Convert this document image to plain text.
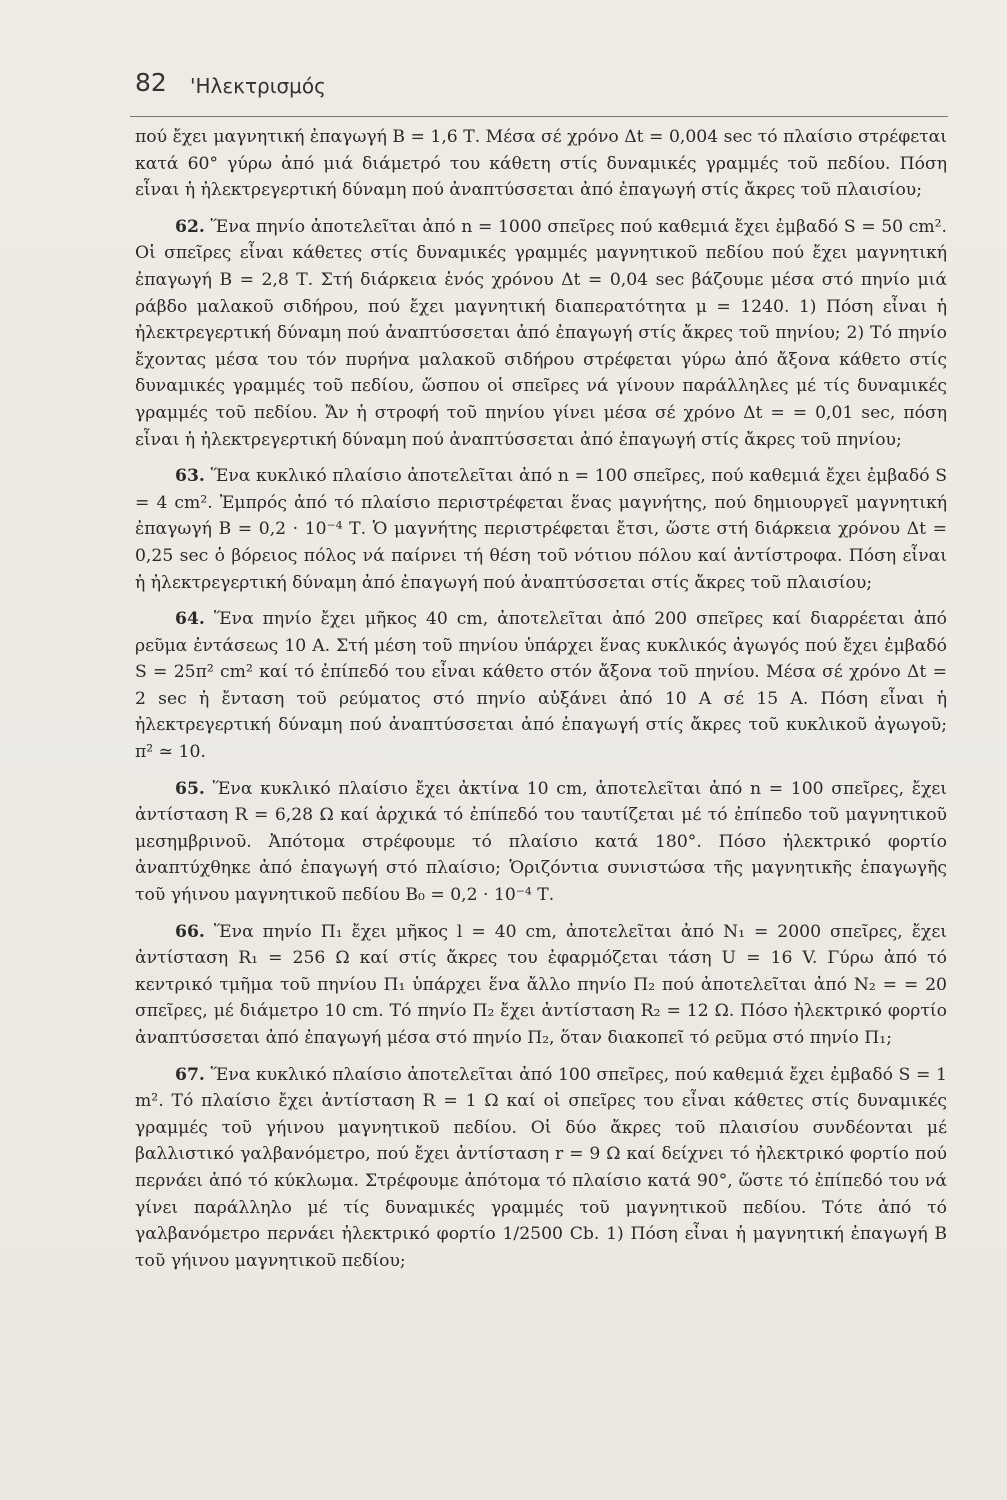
82 'Ηλεκτρισμός

πού ἔχει μαγνητική ἐπαγωγή Β = 1,6 Τ. Μέσα σέ χρόνο Δt = 0,004 sec τό πλαίσιο στρέφεται κατά 60° γύρω ἀπό μιά διάμετρό του κάθετη στίς δυναμικές γραμμές τοῦ πεδίου. Πόση εἶναι ἡ ἠλεκτρεγερτική δύναμη πού ἀναπτύσσεται ἀπό ἐπαγωγή στίς ἄκρες τοῦ πλαισίου;

62. Ἕνα πηνίο ἀποτελεῖται ἀπό n = 1000 σπεῖρες πού καθεμιά ἔχει ἐμβαδό S = 50 cm². Οἱ σπεῖρες εἶναι κάθετες στίς δυναμικές γραμμές μαγνητικοῦ πεδίου πού ἔχει μαγνητική ἐπαγωγή Β = 2,8 Τ. Στή διάρκεια ἑνός χρόνου Δt = 0,04 sec βάζουμε μέσα στό πηνίο μιά ράβδο μαλακοῦ σιδήρου, πού ἔχει μαγνητική διαπερατότητα μ = 1240. 1) Πόση εἶναι ἡ ἠλεκτρεγερτική δύναμη πού ἀναπτύσσεται ἀπό ἐπαγωγή στίς ἄκρες τοῦ πηνίου; 2) Τό πηνίο ἔχοντας μέσα του τόν πυρήνα μαλακοῦ σιδήρου στρέφεται γύρω ἀπό ἄξονα κάθετο στίς δυναμικές γραμμές τοῦ πεδίου, ὥσπου οἱ σπεῖρες νά γίνουν παράλληλες μέ τίς δυναμικές γραμμές τοῦ πεδίου. Ἄν ἡ στροφή τοῦ πηνίου γίνει μέσα σέ χρόνο Δt = = 0,01 sec, πόση εἶναι ἡ ἠλεκτρεγερτική δύναμη πού ἀναπτύσσεται ἀπό ἐπαγωγή στίς ἄκρες τοῦ πηνίου;

63. Ἕνα κυκλικό πλαίσιο ἀποτελεῖται ἀπό n = 100 σπεῖρες, πού καθεμιά ἔχει ἐμβαδό S = 4 cm². Ἐμπρός ἀπό τό πλαίσιο περιστρέφεται ἕνας μαγνήτης, πού δημιουργεῖ μαγνητική ἐπαγωγή Β = 0,2 · 10⁻⁴ Τ. Ὁ μαγνήτης περιστρέφεται ἔτσι, ὥστε στή διάρκεια χρόνου Δt = 0,25 sec ὁ βόρειος πόλος νά παίρνει τή θέση τοῦ νότιου πόλου καί ἀντίστροφα. Πόση εἶναι ἡ ἠλεκτρεγερτική δύναμη ἀπό ἐπαγωγή πού ἀναπτύσσεται στίς ἄκρες τοῦ πλαισίου;

64. Ἕνα πηνίο ἔχει μῆκος 40 cm, ἀποτελεῖται ἀπό 200 σπεῖρες καί διαρρέεται ἀπό ρεῦμα ἐντάσεως 10 Α. Στή μέση τοῦ πηνίου ὑπάρχει ἕνας κυκλικός ἀγωγός πού ἔχει ἐμβαδό S = 25π² cm² καί τό ἐπίπεδό του εἶναι κάθετο στόν ἄξονα τοῦ πηνίου. Μέσα σέ χρόνο Δt = 2 sec ἡ ἔνταση τοῦ ρεύματος στό πηνίο αὐξάνει ἀπό 10 Α σέ 15 Α. Πόση εἶναι ἡ ἠλεκτρεγερτική δύναμη πού ἀναπτύσσεται ἀπό ἐπαγωγή στίς ἄκρες τοῦ κυκλικοῦ ἀγωγοῦ; π² ≃ 10.

65. Ἕνα κυκλικό πλαίσιο ἔχει ἀκτίνα 10 cm, ἀποτελεῖται ἀπό n = 100 σπεῖρες, ἔχει ἀντίσταση R = 6,28 Ω καί ἀρχικά τό ἐπίπεδό του ταυτίζεται μέ τό ἐπίπεδο τοῦ μαγνητικοῦ μεσημβρινοῦ. Ἀπότομα στρέφουμε τό πλαίσιο κατά 180°. Πόσο ἠλεκτρικό φορτίο ἀναπτύχθηκε ἀπό ἐπαγωγή στό πλαίσιο; Ὁριζόντια συνιστώσα τῆς μαγνητικῆς ἐπαγωγῆς τοῦ γήινου μαγνητικοῦ πεδίου B₀ = 0,2 · 10⁻⁴ Τ.

66. Ἕνα πηνίο Π₁ ἔχει μῆκος l = 40 cm, ἀποτελεῖται ἀπό N₁ = 2000 σπεῖρες, ἔχει ἀντίσταση R₁ = 256 Ω καί στίς ἄκρες του ἐφαρμόζεται τάση U = 16 V. Γύρω ἀπό τό κεντρικό τμῆμα τοῦ πηνίου Π₁ ὑπάρχει ἕνα ἄλλο πηνίο Π₂ πού ἀποτελεῖται ἀπό N₂ = = 20 σπεῖρες, μέ διάμετρο 10 cm. Τό πηνίο Π₂ ἔχει ἀντίσταση R₂ = 12 Ω. Πόσο ἠλεκτρικό φορτίο ἀναπτύσσεται ἀπό ἐπαγωγή μέσα στό πηνίο Π₂, ὅταν διακοπεῖ τό ρεῦμα στό πηνίο Π₁;

67. Ἕνα κυκλικό πλαίσιο ἀποτελεῖται ἀπό 100 σπεῖρες, πού καθεμιά ἔχει ἐμβαδό S = 1 m². Τό πλαίσιο ἔχει ἀντίσταση R = 1 Ω καί οἱ σπεῖρες του εἶναι κάθετες στίς δυναμικές γραμμές τοῦ γήινου μαγνητικοῦ πεδίου. Οἱ δύο ἄκρες τοῦ πλαισίου συνδέονται μέ βαλλιστικό γαλβανόμετρο, πού ἔχει ἀντίσταση r = 9 Ω καί δείχνει τό ἠλεκτρικό φορτίο πού περνάει ἀπό τό κύκλωμα. Στρέφουμε ἀπότομα τό πλαίσιο κατά 90°, ὥστε τό ἐπίπεδό του νά γίνει παράλληλο μέ τίς δυναμικές γραμμές τοῦ μαγνητικοῦ πεδίου. Τότε ἀπό τό γαλβανόμετρο περνάει ἠλεκτρικό φορτίο 1/2500 Cb. 1) Πόση εἶναι ἡ μαγνητική ἐπαγωγή Β τοῦ γήινου μαγνητικοῦ πεδίου;
